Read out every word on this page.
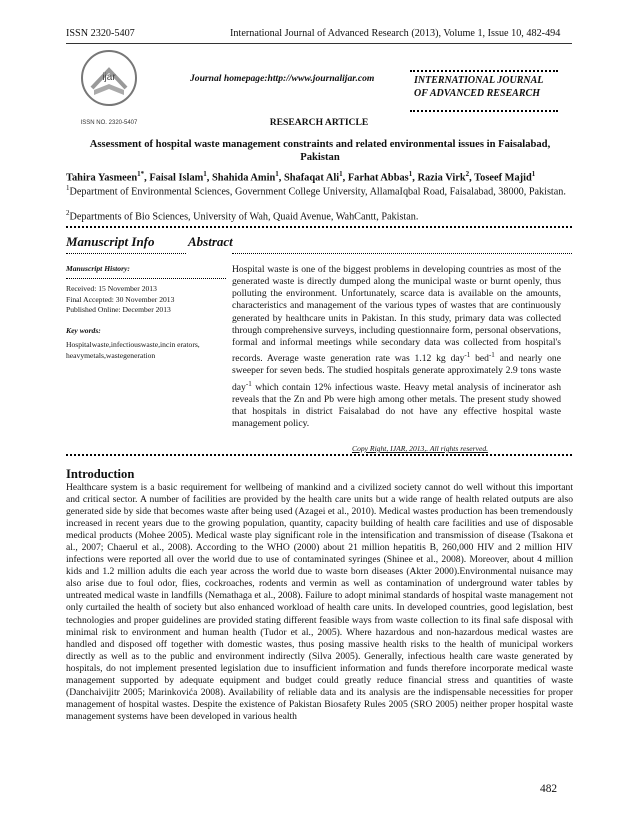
ISSN 2320-5407	International Journal of Advanced Research (2013), Volume 1, Issue 10, 482-494
ijar
ISSN NO. 2320-5407
Journal homepage:http://www.journalijar.com	INTERNATIONAL JOURNAL
OF ADVANCED RESEARCH
RESEARCH ARTICLE
Assessment of hospital waste management constraints and related environmental issues in Faisalabad, Pakistan
Tahira Yasmeen$^{1*}$, Faisal Islam$^1$, Shahida Amin$^1$, Shafaqat Ali$^1$, Farhat Abbas$^1$, Razia Virk$^2$, Toseef Majid$^1$
$^1$Department of Environmental Sciences, Government College University, AllamaIqbal Road, Faisalabad, 38000, Pakistan.
$^2$Departments of Bio Sciences, University of Wah, Quaid Avenue, WahCantt, Pakistan.
Manuscript Info	Abstract
Manuscript History:
Received: 15 November 2013
Final Accepted: 30 November 2013
Published Online: December 2013
Key words:
Hospitalwaste,infectiouswaste,incin erators, heavymetals,wastegeneration
Hospital waste is one of the biggest problems in developing countries as most of the generated waste is directly dumped along the municipal waste or burnt openly, thus polluting the environment. Unfortunately, scarce data is available on the amounts, characteristics and management of the various types of wastes that are continuously generated by healthcare units in Pakistan. In this study, primary data was collected through comprehensive surveys, including questionnaire form, personal observations, formal and informal meetings while secondary data was collected from hospital's records. Average waste generation rate was 1.12 kg day$^{-1}$ bed$^{-1}$ and nearly one sweeper for seven beds. The studied hospitals generate approximately 2.9 tons waste day$^{-1}$ which contain 12% infectious waste. Heavy metal analysis of incinerator ash reveals that the Zn and Pb were high among other metals. The present study showed that hospitals in district Faisalabad do not have any effective hospital waste management policy.
Copy Right, IJAR, 2013,. All rights reserved.
Introduction
Healthcare system is a basic requirement for wellbeing of mankind and a civilized society cannot do well without this important and critical sector. A number of facilities are provided by the health care units but a wide range of health related outputs are also generated side by side that becomes waste after being used (Azagei et al., 2010). Medical wastes production has been tremendously increased in recent years due to the growing population, quantity, capacity building of health care facilities and use of disposable medical products (Mohee 2005). Medical waste play significant role in the intensification and transmission of disease (Tsakona et al., 2007; Chaerul et al., 2008). According to the WHO (2000) about 21 million hepatitis B, 260,000 HIV and 2 million HIV infections were reported all over the world due to use of contaminated syringes (Shinee et al., 2008). Moreover, about 4 million kids and 1.2 million adults die each year across the world due to waste born diseases (Akter 2000).Environmental nuisance may also arise due to foul odor, flies, cockroaches, rodents and vermin as well as contamination of underground water tables by untreated medical waste in landfills (Nemathaga et al., 2008). Failure to adopt minimal standards of hospital waste management not only curtailed the health of society but also enhanced workload of health care units. In developed countries, good legislation, best technologies and proper guidelines are provided stating different feasible ways from waste collection to its final safe disposal with minimal risk to environment and human health (Tudor et al., 2005). Where hazardous and non-hazardous medical wastes are handled and disposed off together with domestic wastes, thus posing massive health risks to the health of municipal workers directly as well as to the public and environment indirectly (Silva 2005). Generally, infectious health care waste generated by hospitals, do not implement presented legislation due to insufficient information and funds therefore incorporate medical waste management supported by adequate equipment and budget could greatly reduce financial stress and quantities of waste (Danchaivijitr 2005; Marinkovića 2008). Availability of reliable data and its analysis are the indispensable necessities for proper management of hospital wastes. Despite the existence of Pakistan Biosafety Rules 2005 (SRO 2005) neither proper hospital waste management systems have been developed in various health
482
